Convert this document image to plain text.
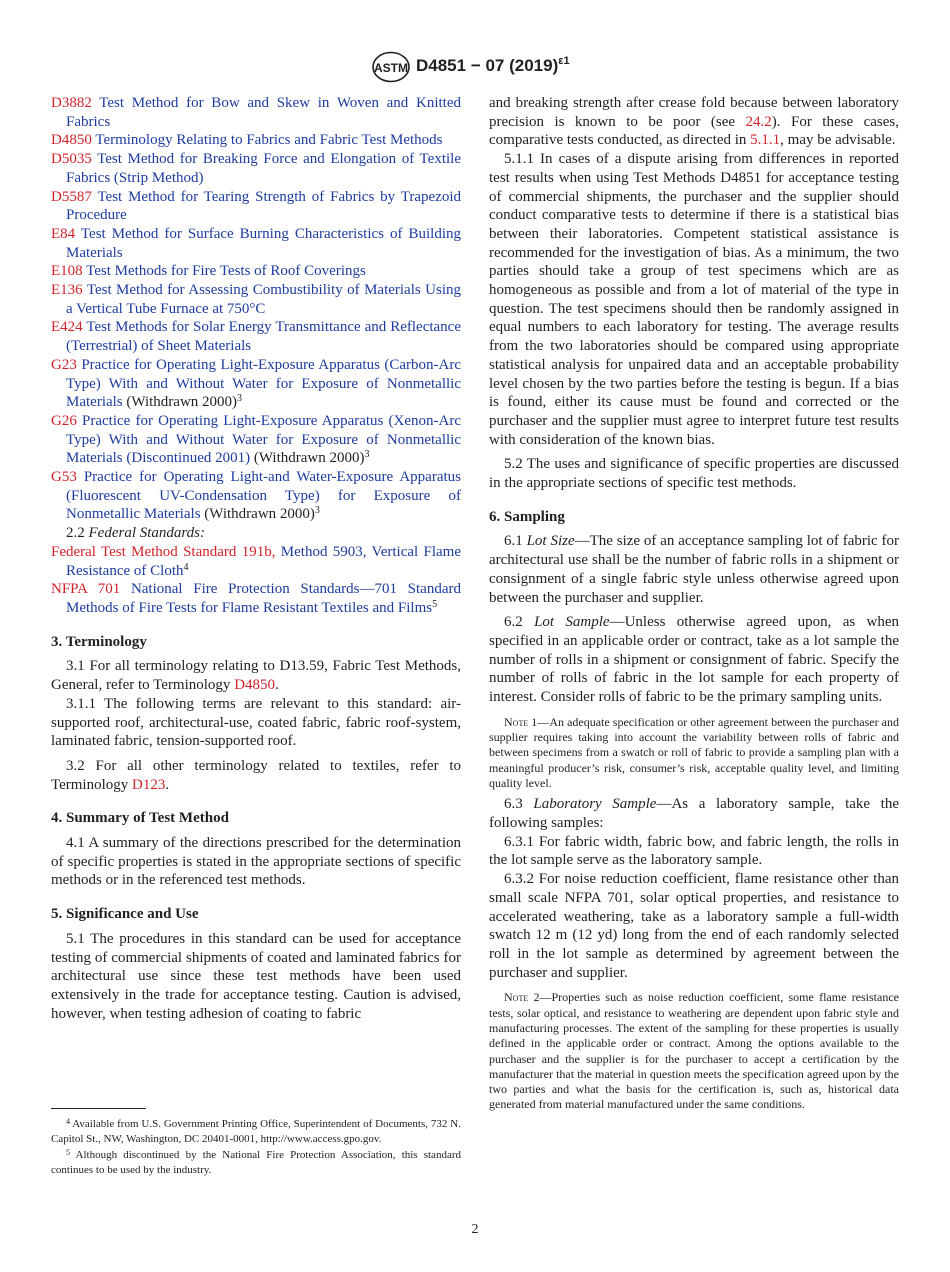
ASTM D4851 − 07 $(2019)^{\varepsilon 1}$
D3882 Test Method for Bow and Skew in Woven and Knitted Fabrics
D4850 Terminology Relating to Fabrics and Fabric Test Methods
D5035 Test Method for Breaking Force and Elongation of Textile Fabrics (Strip Method)
D5587 Test Method for Tearing Strength of Fabrics by Trapezoid Procedure
E84 Test Method for Surface Burning Characteristics of Building Materials
E108 Test Methods for Fire Tests of Roof Coverings
E136 Test Method for Assessing Combustibility of Materials Using a Vertical Tube Furnace at 750°C
E424 Test Methods for Solar Energy Transmittance and Reflectance (Terrestrial) of Sheet Materials
G23 Practice for Operating Light-Exposure Apparatus (Carbon-Arc Type) With and Without Water for Exposure of Nonmetallic Materials (Withdrawn 2000)$^3$
G26 Practice for Operating Light-Exposure Apparatus (Xenon-Arc Type) With and Without Water for Exposure of Nonmetallic Materials (Discontinued 2001) (Withdrawn 2000)$^3$
G53 Practice for Operating Light-and Water-Exposure Apparatus (Fluorescent UV-Condensation Type) for Exposure of Nonmetallic Materials (Withdrawn 2000)$^3$
2.2 Federal Standards:
Federal Test Method Standard 191b, Method 5903, Vertical Flame Resistance of Cloth$^4$
NFPA 701 National Fire Protection Standards—701 Standard Methods of Fire Tests for Flame Resistant Textiles and Films$^5$
3. Terminology
3.1 For all terminology relating to D13.59, Fabric Test Methods, General, refer to Terminology D4850.
3.1.1 The following terms are relevant to this standard: air-supported roof, architectural-use, coated fabric, fabric roof-system, laminated fabric, tension-supported roof.
3.2 For all other terminology related to textiles, refer to Terminology D123.
4. Summary of Test Method
4.1 A summary of the directions prescribed for the determination of specific properties is stated in the appropriate sections of specific methods or in the referenced test methods.
5. Significance and Use
5.1 The procedures in this standard can be used for acceptance testing of commercial shipments of coated and laminated fabrics for architectural use since these test methods have been used extensively in the trade for acceptance testing. Caution is advised, however, when testing adhesion of coating to fabric
and breaking strength after crease fold because between laboratory precision is known to be poor (see 24.2). For these cases, comparative tests conducted, as directed in 5.1.1, may be advisable.
5.1.1 In cases of a dispute arising from differences in reported test results when using Test Methods D4851 for acceptance testing of commercial shipments, the purchaser and the supplier should conduct comparative tests to determine if there is a statistical bias between their laboratories. Competent statistical assistance is recommended for the investigation of bias. As a minimum, the two parties should take a group of test specimens which are as homogeneous as possible and from a lot of material of the type in question. The test specimens should then be randomly assigned in equal numbers to each laboratory for testing. The average results from the two laboratories should be compared using appropriate statistical analysis for unpaired data and an acceptable probability level chosen by the two parties before the testing is begun. If a bias is found, either its cause must be found and corrected or the purchaser and the supplier must agree to interpret future test results with consideration of the known bias.
5.2 The uses and significance of specific properties are discussed in the appropriate sections of specific test methods.
6. Sampling
6.1 Lot Size—The size of an acceptance sampling lot of fabric for architectural use shall be the number of fabric rolls in a shipment or consignment of a single fabric style unless otherwise agreed upon between the purchaser and supplier.
6.2 Lot Sample—Unless otherwise agreed upon, as when specified in an applicable order or contract, take as a lot sample the number of rolls in a shipment or consignment of fabric. Specify the number of rolls of fabric in the lot sample for each property of interest. Consider rolls of fabric to be the primary sampling units.
Note 1—An adequate specification or other agreement between the purchaser and supplier requires taking into account the variability between rolls of fabric and between specimens from a swatch or roll of fabric to provide a sampling plan with a meaningful producer’s risk, consumer’s risk, acceptable quality level, and limiting quality level.
6.3 Laboratory Sample—As a laboratory sample, take the following samples:
6.3.1 For fabric width, fabric bow, and fabric length, the rolls in the lot sample serve as the laboratory sample.
6.3.2 For noise reduction coefficient, flame resistance other than small scale NFPA 701, solar optical properties, and resistance to accelerated weathering, take as a laboratory sample a full-width swatch 12 m (12 yd) long from the end of each randomly selected roll in the lot sample as determined by agreement between the purchaser and supplier.
Note 2—Properties such as noise reduction coefficient, some flame resistance tests, solar optical, and resistance to weathering are dependent upon fabric style and manufacturing processes. The extent of the sampling for these properties is usually defined in the applicable order or contract. Among the options available to the purchaser and the supplier is for the purchaser to accept a certification by the manufacturer that the material in question meets the specification agreed upon by the two parties and what the basis for the certification is, such as, historical data generated from material manufactured under the same conditions.
$^4$ Available from U.S. Government Printing Office, Superintendent of Documents, 732 N. Capitol St., NW, Washington, DC 20401-0001, http://www.access.gpo.gov.
$^5$ Although discontinued by the National Fire Protection Association, this standard continues to be used by the industry.
2
